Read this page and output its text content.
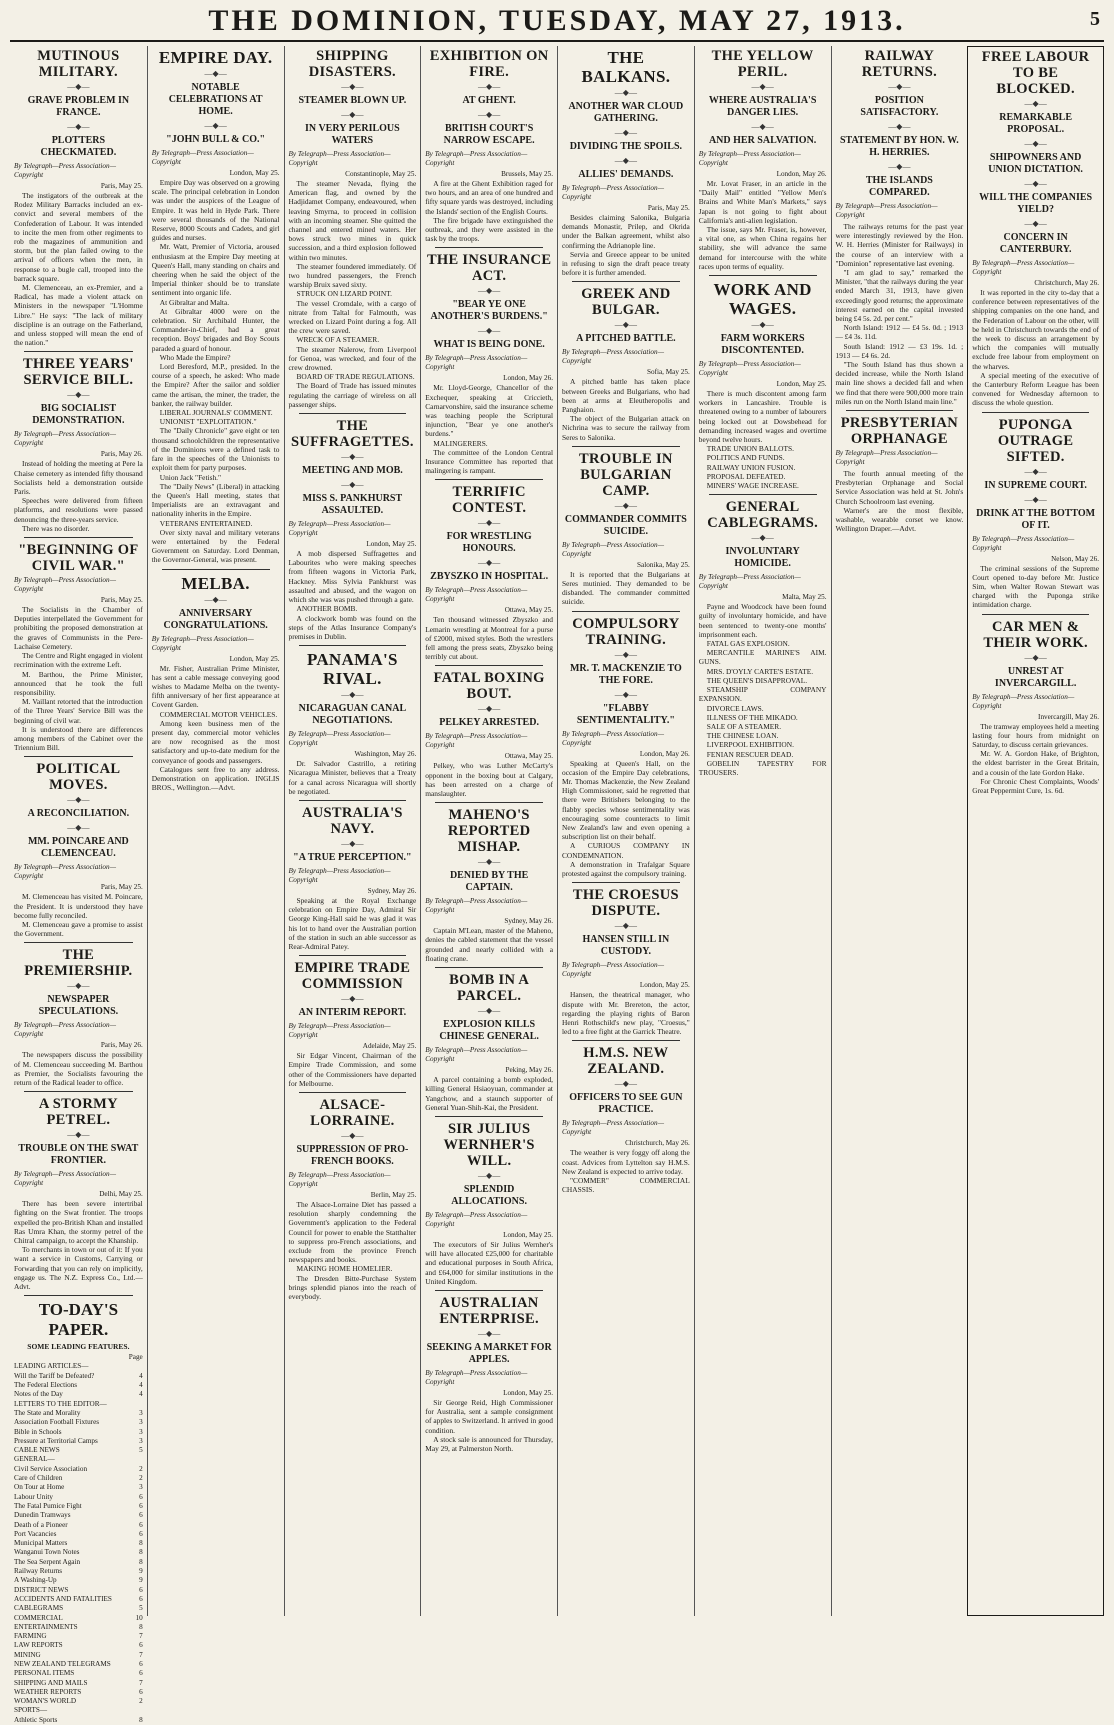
THE DOMINION, TUESDAY, MAY 27, 1913.	5
MUTINOUS MILITARY.
—◆—
GRAVE PROBLEM IN FRANCE.
—◆—
PLOTTERS CHECKMATED.
By Telegraph—Press Association—Copyright
Paris, May 25.

The instigators of the outbreak at the Rodez Military Barracks included an ex-convict and several members of the Confederation of Labour. It was intended to incite the men from other regiments to rob the magazines of ammunition and storm, but the plan failed owing to the arrival of officers when the men, in response to a bugle call, trooped into the barrack square.

M. Clemenceau, an ex-Premier, and a Radical, has made a violent attack on Ministers in the newspaper "L'Homme Libre." He says: "The lack of military discipline is an outrage on the Fatherland, and unless stopped will mean the end of the nation."

THREE YEARS' SERVICE BILL.
—◆—
BIG SOCIALIST DEMONSTRATION.
By Telegraph—Press Association—Copyright
Paris, May 26.

Instead of holding the meeting at Pere la Chaise cemetery as intended fifty thousand Socialists held a demonstration outside Paris.

Speeches were delivered from fifteen platforms, and resolutions were passed denouncing the three-years service.

There was no disorder.

"BEGINNING OF CIVIL WAR."
By Telegraph—Press Association—Copyright
Paris, May 25.

The Socialists in the Chamber of Deputies interpellated the Government for prohibiting the proposed demonstration at the graves of Communists in the Pere-Lachaise Cemetery.

The Centre and Right engaged in violent recrimination with the extreme Left.

M. Barthou, the Prime Minister, announced that he took the full responsibility.

M. Vaillant retorted that the introduction of the Three Years' Service Bill was the beginning of civil war.

It is understood there are differences among members of the Cabinet over the Triennium Bill.

POLITICAL MOVES.
—◆—
A RECONCILIATION.
—◆—
MM. POINCARE AND CLEMENCEAU.
By Telegraph—Press Association—Copyright
Paris, May 25.

M. Clemenceau has visited M. Poincare, the President. It is understood they have become fully reconciled.

M. Clemenceau gave a promise to assist the Government.

THE PREMIERSHIP.
—◆—
NEWSPAPER SPECULATIONS.
By Telegraph—Press Association—Copyright
Paris, May 26.

The newspapers discuss the possibility of M. Clemenceau succeeding M. Barthou as Premier, the Socialists favouring the return of the Radical leader to office.

A STORMY PETREL.
—◆—
TROUBLE ON THE SWAT FRONTIER.
By Telegraph—Press Association—Copyright
Delhi, May 25.

There has been severe intertribal fighting on the Swat frontier. The troops expelled the pro-British Khan and installed Ras Umra Khan, the stormy petrel of the Chitral campaign, to accept the Khanship.

To merchants in town or out of it: If you want a service in Customs, Carrying or Forwarding that you can rely on implicitly, engage us. The N.Z. Express Co., Ltd.—Advt.

TO-DAY'S PAPER.
SOME LEADING FEATURES.
Page
LEADING ARTICLES—
Will the Tariff be Defeated?	4
The Federal Elections	4
Notes of the Day	4
LETTERS TO THE EDITOR—
The State and Morality	3
Association Football Fixtures	3
Bible in Schools	3
Pressure at Territorial Camps	3
CABLE NEWS	5
GENERAL—
Civil Service Association	2
Care of Children	2
On Tour at Home	3
Labour Unity	6
The Fatal Pumice Fight	6
Dunedin Tramways	6
Death of a Pioneer	6
Port Vacancies	6
Municipal Matters	8
Wanganui Town Notes	8
The Sea Serpent Again	8
Railway Returns	9
A Washing-Up	9
DISTRICT NEWS	6
ACCIDENTS AND FATALITIES	6
CABLEGRAMS	5
COMMERCIAL	10
ENTERTAINMENTS	8
FARMING	7
LAW REPORTS	6
MINING	7
NEW ZEALAND TELEGRAMS	6
PERSONAL ITEMS	6
SHIPPING AND MAILS	7
WEATHER REPORTS	6
WOMAN'S WORLD	2
SPORTS—
Athletic Sports	8
EMPIRE DAY.
—◆—
NOTABLE CELEBRATIONS AT HOME.
—◆—
"JOHN BULL & CO."
By Telegraph—Press Association—Copyright
London, May 25.

Empire Day was observed on a growing scale. The principal celebration in London was under the auspices of the League of Empire. It was held in Hyde Park. There were several thousands of the National Reserve, 8000 Scouts and Cadets, and girl guides and nurses.

Mr. Watt, Premier of Victoria, aroused enthusiasm at the Empire Day meeting at Queen's Hall, many standing on chairs and cheering when he said the object of the Imperial thinker should be to translate sentiment into organic life.

At Gibraltar and Malta.

At Gibraltar 4000 were on the celebration. Sir Archibald Hunter, the Commander-in-Chief, had a great reception. Boys' brigades and Boy Scouts paraded a guard of honour.

Who Made the Empire?

Lord Beresford, M.P., presided. In the course of a speech, he asked: Who made the Empire? After the sailor and soldier came the artisan, the miner, the trader, the banker, the railway builder.

LIBERAL JOURNALS' COMMENT.

UNIONIST "EXPLOITATION."

The "Daily Chronicle" gave eight or ten thousand schoolchildren the representative of the Dominions were a defined task to fare in the speeches of the Unionists to exploit them for party purposes.

Union Jack "Fetish."

The "Daily News" (Liberal) in attacking the Queen's Hall meeting, states that Imperialists are an extravagant and nationality inherits in the Empire.

VETERANS ENTERTAINED.

Over sixty naval and military veterans were entertained by the Federal Government on Saturday. Lord Denman, the Governor-General, was present.

MELBA.
—◆—
ANNIVERSARY CONGRATULATIONS.
By Telegraph—Press Association—Copyright
London, May 25.

Mr. Fisher, Australian Prime Minister, has sent a cable message conveying good wishes to Madame Melba on the twenty-fifth anniversary of her first appearance at Covent Garden.

COMMERCIAL MOTOR VEHICLES.

Among keen business men of the present day, commercial motor vehicles are now recognised as the most satisfactory and up-to-date medium for the conveyance of goods and passengers.

Catalogues sent free to any address. Demonstration on application. INGLIS BROS., Wellington.—Advt.

SHIPPING DISASTERS.
—◆—
STEAMER BLOWN UP.
—◆—
IN VERY PERILOUS WATERS
By Telegraph—Press Association—Copyright
Constantinople, May 25.

The steamer Nevada, flying the American flag, and owned by the Hadjidamet Company, endeavoured, when leaving Smyrna, to proceed in collision with an incoming steamer. She quitted the channel and entered mined waters. Her bows struck two mines in quick succession, and a third explosion followed within two minutes.

The steamer foundered immediately. Of two hundred passengers, the French warship Bruix saved sixty.

STRUCK ON LIZARD POINT.

The vessel Cromdale, with a cargo of nitrate from Taltal for Falmouth, was wrecked on Lizard Point during a fog. All the crew were saved.

WRECK OF A STEAMER.

The steamer Nalerow, from Liverpool for Genoa, was wrecked, and four of the crew drowned.

BOARD OF TRADE REGULATIONS.

The Board of Trade has issued minutes regulating the carriage of wireless on all passenger ships.

THE SUFFRAGETTES.
—◆—
MEETING AND MOB.
—◆—
MISS S. PANKHURST ASSAULTED.
By Telegraph—Press Association—Copyright
London, May 25.

A mob dispersed Suffragettes and Labourites who were making speeches from fifteen wagons in Victoria Park, Hackney. Miss Sylvia Pankhurst was assaulted and abused, and the wagon on which she was was pushed through a gate.

ANOTHER BOMB.

A clockwork bomb was found on the steps of the Atlas Insurance Company's premises in Dublin.

PANAMA'S RIVAL.
—◆—
NICARAGUAN CANAL NEGOTIATIONS.
By Telegraph—Press Association—Copyright
Washington, May 26.

Dr. Salvador Castrillo, a retiring Nicaragua Minister, believes that a Treaty for a canal across Nicaragua will shortly be negotiated.

AUSTRALIA'S NAVY.
—◆—
"A TRUE PERCEPTION."
By Telegraph—Press Association—Copyright
Sydney, May 26.

Speaking at the Royal Exchange celebration on Empire Day, Admiral Sir George King-Hall said he was glad it was his lot to hand over the Australian portion of the station in such an able successor as Rear-Admiral Patey.

EMPIRE TRADE COMMISSION
—◆—
AN INTERIM REPORT.
By Telegraph—Press Association—Copyright
Adelaide, May 25.

Sir Edgar Vincent, Chairman of the Empire Trade Commission, and some other of the Commissioners have departed for Melbourne.

ALSACE-LORRAINE.
—◆—
SUPPRESSION OF PRO-FRENCH BOOKS.
By Telegraph—Press Association—Copyright
Berlin, May 25.

The Alsace-Lorraine Diet has passed a resolution sharply condemning the Government's application to the Federal Council for power to enable the Statthalter to suppress pro-French associations, and exclude from the province French newspapers and books.

MAKING HOME HOMELIER.

The Dresden Bitte-Purchase System brings splendid pianos into the reach of everybody.

EXHIBITION ON FIRE.
—◆—
AT GHENT.
—◆—
BRITISH COURT'S NARROW ESCAPE.
By Telegraph—Press Association—Copyright
Brussels, May 25.

A fire at the Ghent Exhibition raged for two hours, and an area of one hundred and fifty square yards was destroyed, including the Islands' section of the English Courts.

The fire brigade have extinguished the outbreak, and they were assisted in the task by the troops.

THE INSURANCE ACT.
—◆—
"BEAR YE ONE ANOTHER'S BURDENS."
—◆—
WHAT IS BEING DONE.
By Telegraph—Press Association—Copyright
London, May 26.

Mr. Lloyd-George, Chancellor of the Exchequer, speaking at Criccieth, Carnarvonshire, said the insurance scheme was teaching people the Scriptural injunction, "Bear ye one another's burdens."

MALINGERERS.

The committee of the London Central Insurance Committee has reported that malingering is rampant.

TERRIFIC CONTEST.
—◆—
FOR WRESTLING HONOURS.
—◆—
ZBYSZKO IN HOSPITAL.
By Telegraph—Press Association—Copyright
Ottawa, May 25.

Ten thousand witnessed Zbyszko and Lemarin wrestling at Montreal for a purse of £2000, mixed styles. Both the wrestlers fell among the press seats, Zbyszko being terribly cut about.

FATAL BOXING BOUT.
—◆—
PELKEY ARRESTED.
By Telegraph—Press Association—Copyright
Ottawa, May 25.

Pelkey, who was Luther McCarty's opponent in the boxing bout at Calgary, has been arrested on a charge of manslaughter.

MAHENO'S REPORTED MISHAP.
—◆—
DENIED BY THE CAPTAIN.
By Telegraph—Press Association—Copyright
Sydney, May 26.

Captain M'Lean, master of the Maheno, denies the cabled statement that the vessel grounded and nearly collided with a floating crane.

BOMB IN A PARCEL.
—◆—
EXPLOSION KILLS CHINESE GENERAL.
By Telegraph—Press Association—Copyright
Peking, May 26.

A parcel containing a bomb exploded, killing General Hsiaoyuan, commander at Yangchow, and a staunch supporter of General Yuan-Shih-Kai, the President.

SIR JULIUS WERNHER'S WILL.
—◆—
SPLENDID ALLOCATIONS.
By Telegraph—Press Association—Copyright
London, May 25.

The executors of Sir Julius Wernher's will have allocated £25,000 for charitable and educational purposes in South Africa, and £64,000 for similar institutions in the United Kingdom.

AUSTRALIAN ENTERPRISE.
—◆—
SEEKING A MARKET FOR APPLES.
By Telegraph—Press Association—Copyright
London, May 25.

Sir George Reid, High Commissioner for Australia, sent a sample consignment of apples to Switzerland. It arrived in good condition.

A stock sale is announced for Thursday, May 29, at Palmerston North.

THE BALKANS.
—◆—
ANOTHER WAR CLOUD GATHERING.
—◆—
DIVIDING THE SPOILS.
—◆—
ALLIES' DEMANDS.
By Telegraph—Press Association—Copyright
Paris, May 25.

Besides claiming Salonika, Bulgaria demands Monastir, Prilep, and Okrida under the Balkan agreement, whilst also confirming the Adrianople line.

Servia and Greece appear to be united in refusing to sign the draft peace treaty before it is further amended.

GREEK AND BULGAR.
—◆—
A PITCHED BATTLE.
By Telegraph—Press Association—Copyright
Sofia, May 25.

A pitched battle has taken place between Greeks and Bulgarians, who had been at arms at Eleutheropolis and Panghaion.

The object of the Bulgarian attack on Nichrina was to secure the railway from Seres to Salonika.

TROUBLE IN BULGARIAN CAMP.
—◆—
COMMANDER COMMITS SUICIDE.
By Telegraph—Press Association—Copyright
Salonika, May 25.

It is reported that the Bulgarians at Seres mutinied. They demanded to be disbanded. The commander committed suicide.

COMPULSORY TRAINING.
—◆—
MR. T. MACKENZIE TO THE FORE.
—◆—
"FLABBY SENTIMENTALITY."
By Telegraph—Press Association—Copyright
London, May 26.

Speaking at Queen's Hall, on the occasion of the Empire Day celebrations, Mr. Thomas Mackenzie, the New Zealand High Commissioner, said he regretted that there were Britishers belonging to the flabby species whose sentimentality was encouraging some counteracts to limit New Zealand's law and even opening a subscription list on their behalf.

A CURIOUS COMPANY IN CONDEMNATION.

A demonstration in Trafalgar Square protested against the compulsory training.

THE CROESUS DISPUTE.
—◆—
HANSEN STILL IN CUSTODY.
By Telegraph—Press Association—Copyright
London, May 25.

Hansen, the theatrical manager, who dispute with Mr. Brereton, the actor, regarding the playing rights of Baron Henri Rothschild's new play, "Croesus," led to a free fight at the Garrick Theatre.

H.M.S. NEW ZEALAND.
—◆—
OFFICERS TO SEE GUN PRACTICE.
By Telegraph—Press Association—Copyright
Christchurch, May 26.

The weather is very foggy off along the coast. Advices from Lyttelton say H.M.S. New Zealand is expected to arrive today.

"COMMER" COMMERCIAL CHASSIS.

THE YELLOW PERIL.
—◆—
WHERE AUSTRALIA'S DANGER LIES.
—◆—
AND HER SALVATION.
By Telegraph—Press Association—Copyright
London, May 26.

Mr. Lovat Fraser, in an article in the "Daily Mail" entitled "Yellow Men's Brains and White Man's Markets," says Japan is not going to fight about California's anti-alien legislation.

The issue, says Mr. Fraser, is, however, a vital one, as when China regains her stability, she will advance the same demand for intercourse with the white races upon terms of equality.

WORK AND WAGES.
—◆—
FARM WORKERS DISCONTENTED.
By Telegraph—Press Association—Copyright
London, May 25.

There is much discontent among farm workers in Lancashire. Trouble is threatened owing to a number of labourers being locked out at Dowsbehead for demanding increased wages and overtime beyond twelve hours.

TRADE UNION BALLOTS.

POLITICS AND FUNDS.

RAILWAY UNION FUSION.

PROPOSAL DEFEATED.

MINERS' WAGE INCREASE.

GENERAL CABLEGRAMS.
—◆—
INVOLUNTARY HOMICIDE.
By Telegraph—Press Association—Copyright
Malta, May 25.

Payne and Woodcock have been found guilty of involuntary homicide, and have been sentenced to twenty-one months' imprisonment each.

FATAL GAS EXPLOSION.

MERCANTILE MARINE'S AIM. GUNS.

MRS. D'OYLY CARTE'S ESTATE.

THE QUEEN'S DISAPPROVAL.

STEAMSHIP COMPANY EXPANSION.

DIVORCE LAWS.

ILLNESS OF THE MIKADO.

SALE OF A STEAMER.

THE CHINESE LOAN.

LIVERPOOL EXHIBITION.

FENIAN RESCUER DEAD.

GOBELIN TAPESTRY FOR TROUSERS.

RAILWAY RETURNS.
—◆—
POSITION SATISFACTORY.
—◆—
STATEMENT BY HON. W. H. HERRIES.
—◆—
THE ISLANDS COMPARED.
By Telegraph—Press Association—Copyright

The railways returns for the past year were interestingly reviewed by the Hon. W. H. Herries (Minister for Railways) in the course of an interview with a "Dominion" representative last evening.

"I am glad to say," remarked the Minister, "that the railways during the year ended March 31, 1913, have given exceedingly good returns; the approximate interest earned on the capital invested being £4 5s. 2d. per cent."

North Island: 1912 — £4 5s. 0d. ; 1913 — £4 3s. 11d.

South Island: 1912 — £3 19s. 1d. ; 1913 — £4 6s. 2d.

"The South Island has thus shown a decided increase, while the North Island main line shows a decided fall and when we find that there were 900,000 more train miles run on the North Island main line."

PRESBYTERIAN ORPHANAGE
By Telegraph—Press Association—Copyright

The fourth annual meeting of the Presbyterian Orphanage and Social Service Association was held at St. John's Church Schoolroom last evening.

Warner's are the most flexible, washable, wearable corset we know. Wellington Draper.—Advt.

FREE LABOUR TO BE BLOCKED.
—◆—
REMARKABLE PROPOSAL.
—◆—
SHIPOWNERS AND UNION DICTATION.
—◆—
WILL THE COMPANIES YIELD?
—◆—
CONCERN IN CANTERBURY.
By Telegraph—Press Association—Copyright
Christchurch, May 26.

It was reported in the city to-day that a conference between representatives of the shipping companies on the one hand, and the Federation of Labour on the other, will be held in Christchurch towards the end of the week to discuss an arrangement by which the companies will mutually exclude free labour from employment on the wharves.

A special meeting of the executive of the Canterbury Reform League has been convened for Wednesday afternoon to discuss the whole question.

PUPONGA OUTRAGE SIFTED.
—◆—
IN SUPREME COURT.
—◆—
DRINK AT THE BOTTOM OF IT.
By Telegraph—Press Association—Copyright
Nelson, May 26.

The criminal sessions of the Supreme Court opened to-day before Mr. Justice Sim, when Walter Rowan Stewart was charged with the Puponga strike intimidation charge.

CAR MEN & THEIR WORK.
—◆—
UNREST AT INVERCARGILL.
By Telegraph—Press Association—Copyright
Invercargill, May 26.

The tramway employees held a meeting lasting four hours from midnight on Saturday, to discuss certain grievances.

Mr. W. A. Gordon Hake, of Brighton, the eldest barrister in the Great Britain, and a cousin of the late Gordon Hake.

For Chronic Chest Complaints, Woods' Great Peppermint Cure, 1s. 6d.
